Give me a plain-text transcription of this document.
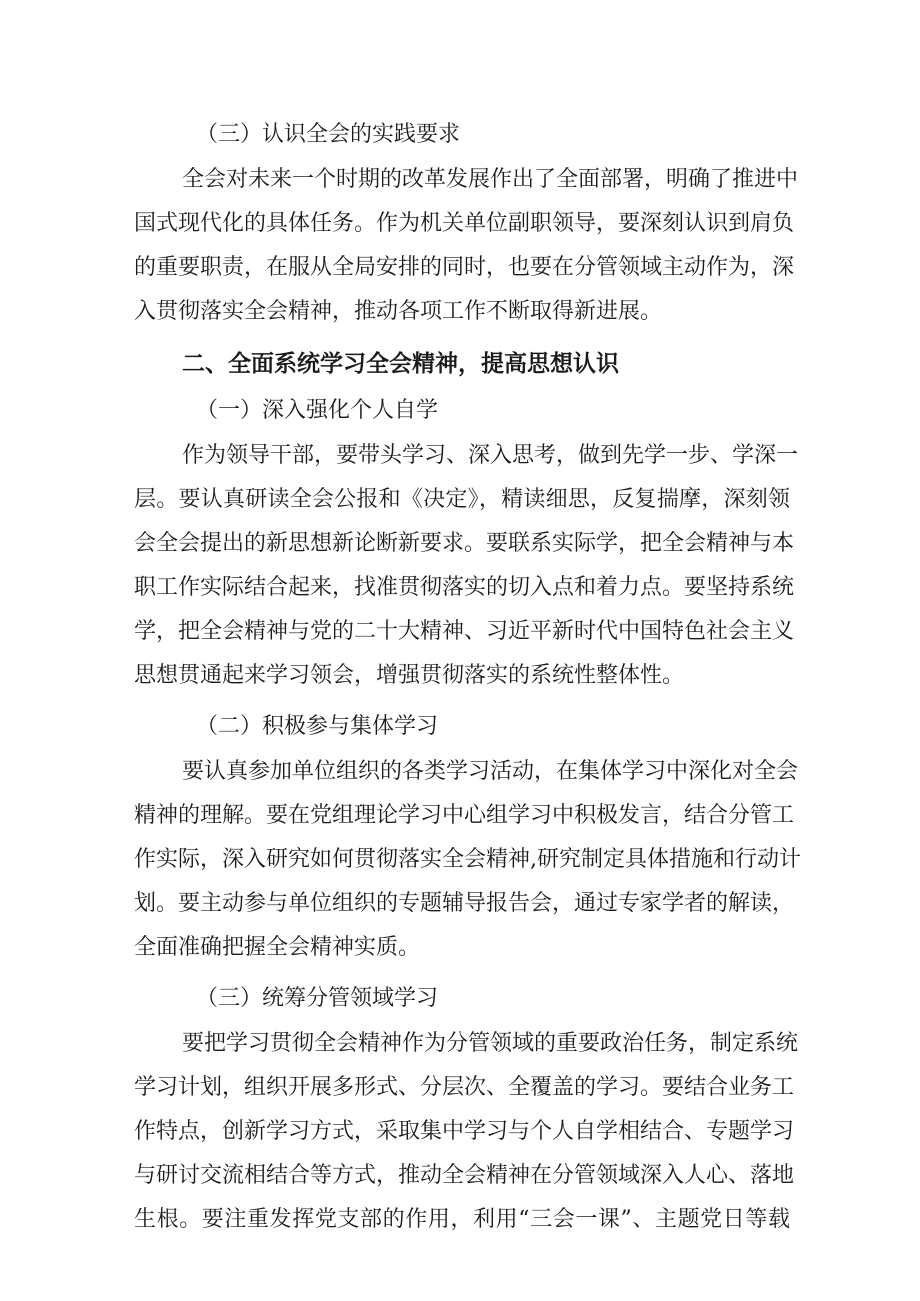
（三）认识全会的实践要求
全会对未来一个时期的改革发展作出了全面部署，明确了推进中
国式现代化的具体任务。作为机关单位副职领导，要深刻认识到肩负
的重要职责，在服从全局安排的同时，也要在分管领域主动作为，深
入贯彻落实全会精神，推动各项工作不断取得新进展。
二、全面系统学习全会精神，提高思想认识
（一）深入强化个人自学
作为领导干部，要带头学习、深入思考，做到先学一步、学深一
层。要认真研读全会公报和《决定》，精读细思，反复揣摩，深刻领
会全会提出的新思想新论断新要求。要联系实际学，把全会精神与本
职工作实际结合起来，找准贯彻落实的切入点和着力点。要坚持系统
学，把全会精神与党的二十大精神、习近平新时代中国特色社会主义
思想贯通起来学习领会，增强贯彻落实的系统性整体性。
（二）积极参与集体学习
要认真参加单位组织的各类学习活动，在集体学习中深化对全会
精神的理解。要在党组理论学习中心组学习中积极发言，结合分管工
作实际，深入研究如何贯彻落实全会精神,研究制定具体措施和行动计
划。要主动参与单位组织的专题辅导报告会，通过专家学者的解读，
全面准确把握全会精神实质。
（三）统筹分管领域学习
要把学习贯彻全会精神作为分管领域的重要政治任务，制定系统
学习计划，组织开展多形式、分层次、全覆盖的学习。要结合业务工
作特点，创新学习方式，采取集中学习与个人自学相结合、专题学习
与研讨交流相结合等方式，推动全会精神在分管领域深入人心、落地
生根。要注重发挥党支部的作用，利用“三会一课”、主题党日等载
